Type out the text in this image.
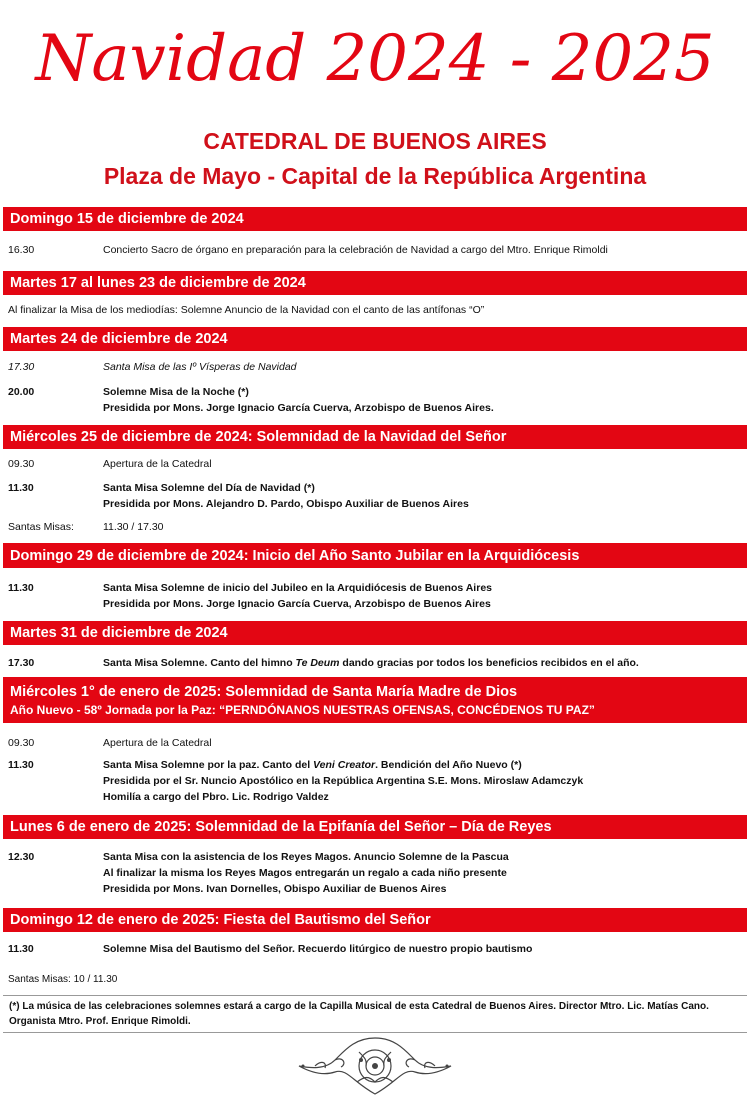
Navidad 2024 - 2025
CATEDRAL DE BUENOS AIRES
Plaza de Mayo - Capital de la República Argentina
Domingo 15 de diciembre de 2024
16.30	Concierto Sacro de órgano en preparación para la celebración de Navidad a cargo del Mtro. Enrique Rimoldi
Martes 17 al lunes 23 de diciembre de 2024
Al finalizar la Misa de los mediodías: Solemne Anuncio de la Navidad con el canto de las antífonas “O”
Martes 24 de diciembre de 2024
17.30	Santa Misa de las Iº Vísperas de Navidad
20.00	Solemne Misa de la Noche (*)
Presidida por Mons. Jorge Ignacio García Cuerva, Arzobispo de Buenos Aires.
Miércoles 25 de diciembre de 2024: Solemnidad de la Navidad del Señor
09.30	Apertura de la Catedral
11.30	Santa Misa Solemne del Día de Navidad (*)
Presidida por Mons. Alejandro D. Pardo, Obispo Auxiliar de Buenos Aires
Santas Misas:	11.30 / 17.30
Domingo 29 de diciembre de 2024: Inicio del Año Santo Jubilar en la Arquidiócesis
11.30	Santa Misa Solemne de inicio del Jubileo en la Arquidiócesis de Buenos Aires
Presidida por Mons. Jorge Ignacio García Cuerva, Arzobispo de Buenos Aires
Martes 31 de diciembre de 2024
17.30	Santa Misa Solemne. Canto del himno Te Deum dando gracias por todos los beneficios recibidos en el año.
Miércoles 1° de enero de 2025: Solemnidad de Santa María Madre de Dios
Año Nuevo - 58º Jornada por la Paz: “PERNDÓNANOS NUESTRAS OFENSAS, CONCÉDENOS TU PAZ”
09.30	Apertura de la Catedral
11.30	Santa Misa Solemne por la paz. Canto del Veni Creator. Bendición del Año Nuevo (*)
Presidida por el Sr. Nuncio Apostólico en la República Argentina S.E. Mons. Miroslaw Adamczyk
Homilía a cargo del Pbro. Lic. Rodrigo Valdez
Lunes 6 de enero de 2025: Solemnidad de la Epifanía del Señor – Día de Reyes
12.30	Santa Misa con la asistencia de los Reyes Magos. Anuncio Solemne de la Pascua
Al finalizar la misma los Reyes Magos entregarán un regalo a cada niño presente
Presidida por Mons. Ivan Dornelles, Obispo Auxiliar de Buenos Aires
Domingo 12 de enero de 2025: Fiesta del Bautismo del Señor
11.30	Solemne Misa del Bautismo del Señor. Recuerdo litúrgico de nuestro propio bautismo
Santas Misas: 10 / 11.30
(*) La música de las celebraciones solemnes estará a cargo de la Capilla Musical de esta Catedral de Buenos Aires. Director Mtro. Lic. Matías Cano.
Organista Mtro. Prof. Enrique Rimoldi.
